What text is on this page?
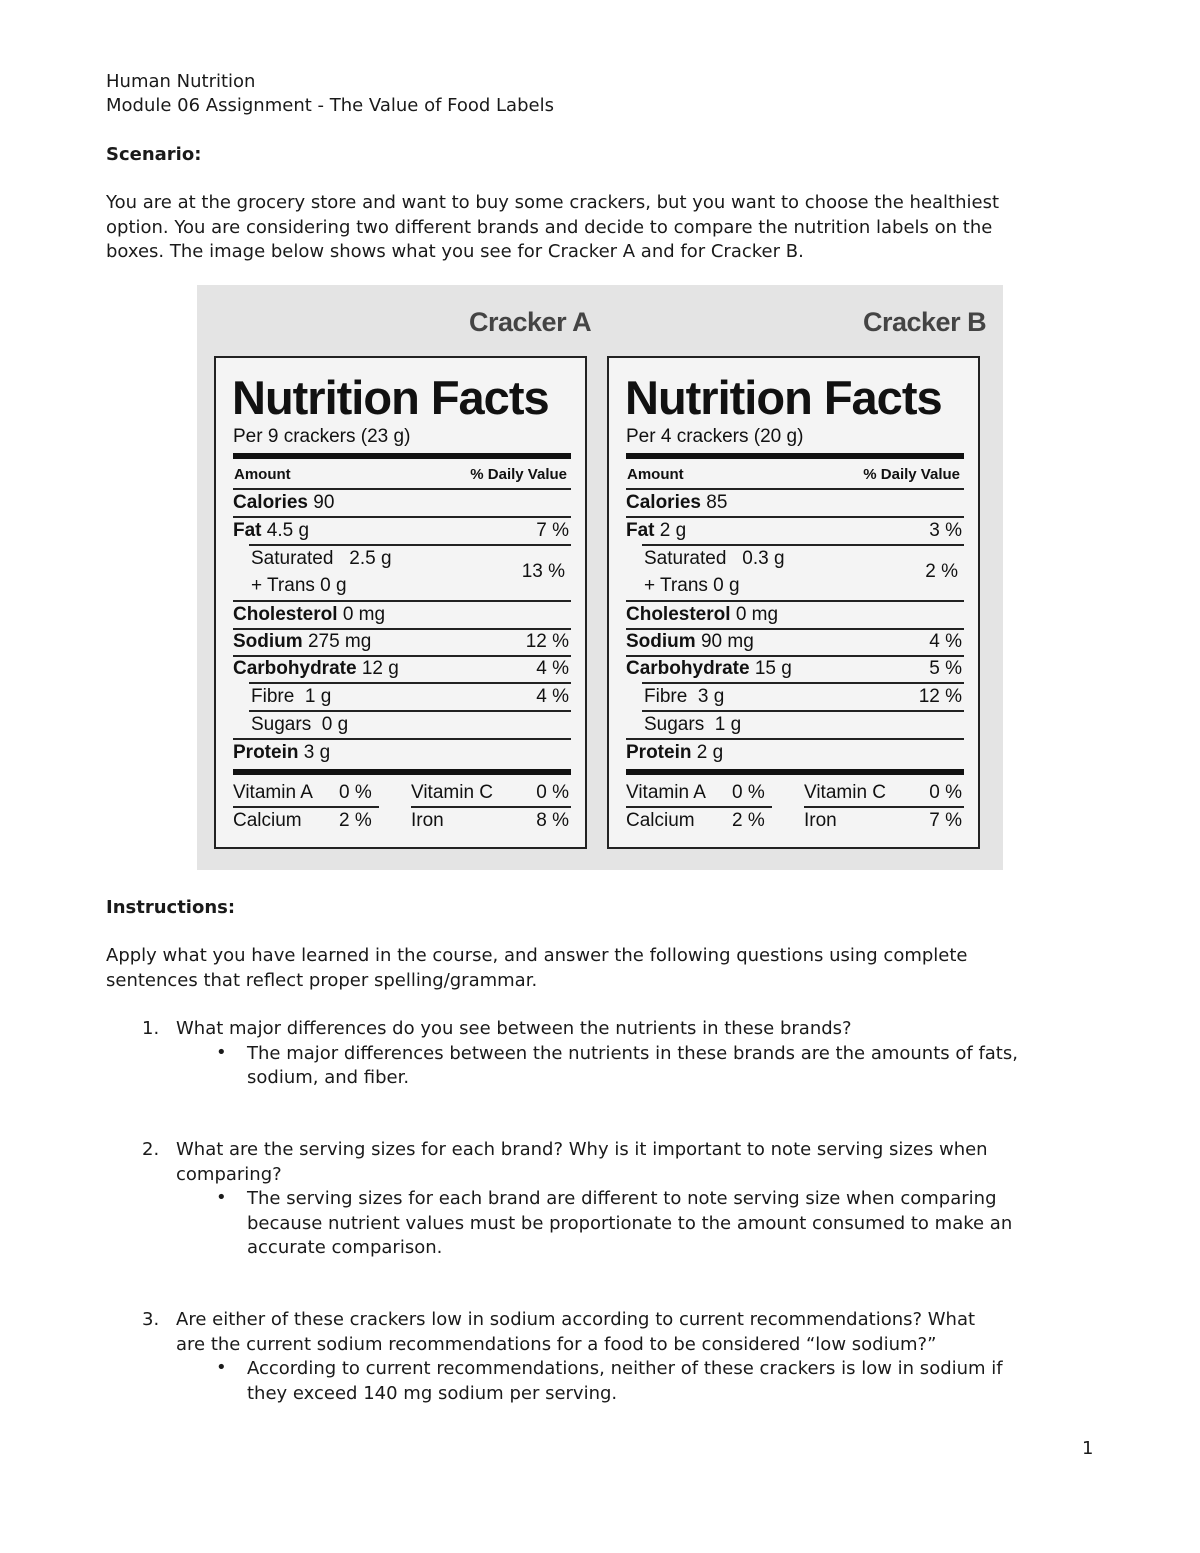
Human Nutrition

Module 06 Assignment - The Value of Food Labels

Scenario:

You are at the grocery store and want to buy some crackers, but you want to choose the healthiest

option. You are considering two different brands and decide to compare the nutrition labels on the

boxes. The image below shows what you see for Cracker A and for Cracker B.

⠀
Cracker A	Cracker B
Nutrition Facts
Per 9 crackers (23 g)
Amount	% Daily Value
Calories 90
Fat 4.5 g	7 %
Saturated 2.5 g
+ Trans 0 g
13 %
Cholesterol 0 mg
Sodium 275 mg	12 %
Carbohydrate 12 g	4 %
Fibre 1 g	4 %
Sugars 0 g
Protein 3 g
Vitamin A 0 % Vitamin C 0 %
Calcium 2 % Iron	8 %
Nutrition Facts
Per 4 crackers (20 g)
Amount	% Daily Value
Calories 85
Fat 2 g	3 %
Saturated 0.3 g
+ Trans 0 g
2 %
Cholesterol 0 mg
Sodium 90 mg	4 %
Carbohydrate 15 g	5 %
Fibre 3 g	12 %
Sugars 1 g
Protein 2 g
Vitamin A 0 % Vitamin C 0 %
Calcium 2 % Iron	7 %

Instructions:

Apply what you have learned in the course, and answer the following questions using complete

sentences that reflect proper spelling/grammar.

1. What major differences do you see between the nutrients in these brands?

• The major differences between the nutrients in these brands are the amounts of fats,

sodium, and fiber.

2. What are the serving sizes for each brand? Why is it important to note serving sizes when

comparing?

• The serving sizes for each brand are different to note serving size when comparing

because nutrient values must be proportionate to the amount consumed to make an

accurate comparison.

3. Are either of these crackers low in sodium according to current recommendations? What

are the current sodium recommendations for a food to be considered “low sodium?”

• According to current recommendations, neither of these crackers is low in sodium if

they exceed 140 mg sodium per serving.

1
